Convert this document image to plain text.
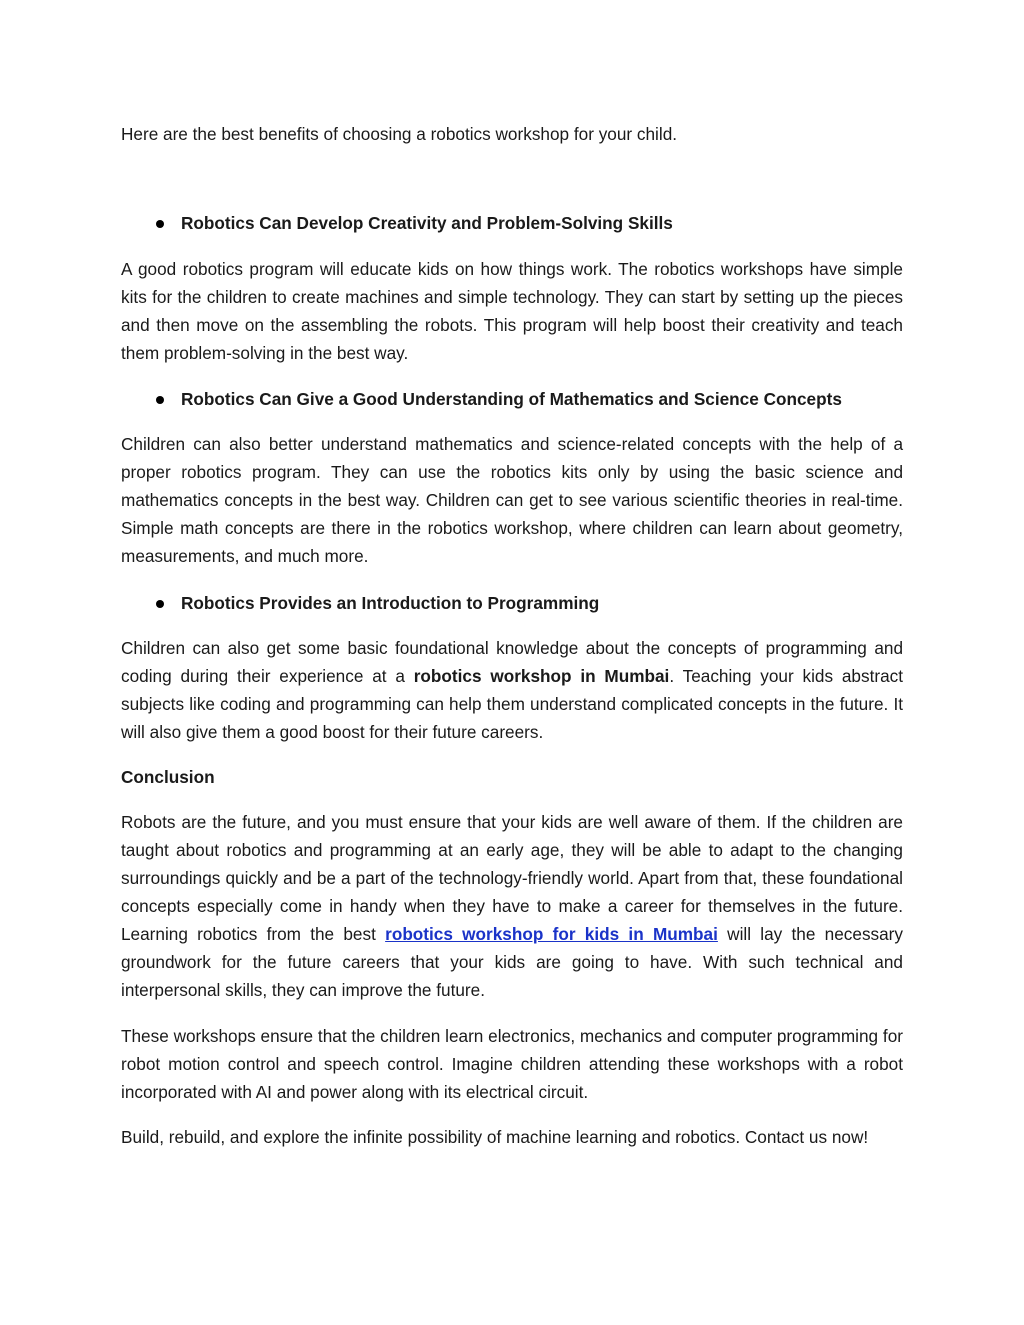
Here are the best benefits of choosing a robotics workshop for your child.

Robotics Can Develop Creativity and Problem-Solving Skills

A good robotics program will educate kids on how things work. The robotics workshops have simple kits for the children to create machines and simple technology. They can start by setting up the pieces and then move on the assembling the robots. This program will help boost their creativity and teach them problem-solving in the best way.

Robotics Can Give a Good Understanding of Mathematics and Science Concepts

Children can also better understand mathematics and science-related concepts with the help of a proper robotics program. They can use the robotics kits only by using the basic science and mathematics concepts in the best way. Children can get to see various scientific theories in real-time. Simple math concepts are there in the robotics workshop, where children can learn about geometry, measurements, and much more.

Robotics Provides an Introduction to Programming

Children can also get some basic foundational knowledge about the concepts of programming and coding during their experience at a robotics workshop in Mumbai. Teaching your kids abstract subjects like coding and programming can help them understand complicated concepts in the future. It will also give them a good boost for their future careers.

Conclusion

Robots are the future, and you must ensure that your kids are well aware of them. If the children are taught about robotics and programming at an early age, they will be able to adapt to the changing surroundings quickly and be a part of the technology-friendly world. Apart from that, these foundational concepts especially come in handy when they have to make a career for themselves in the future. Learning robotics from the best robotics workshop for kids in Mumbai will lay the necessary groundwork for the future careers that your kids are going to have. With such technical and interpersonal skills, they can improve the future.

These workshops ensure that the children learn electronics, mechanics and computer programming for robot motion control and speech control. Imagine children attending these workshops with a robot incorporated with AI and power along with its electrical circuit.

Build, rebuild, and explore the infinite possibility of machine learning and robotics. Contact us now!
